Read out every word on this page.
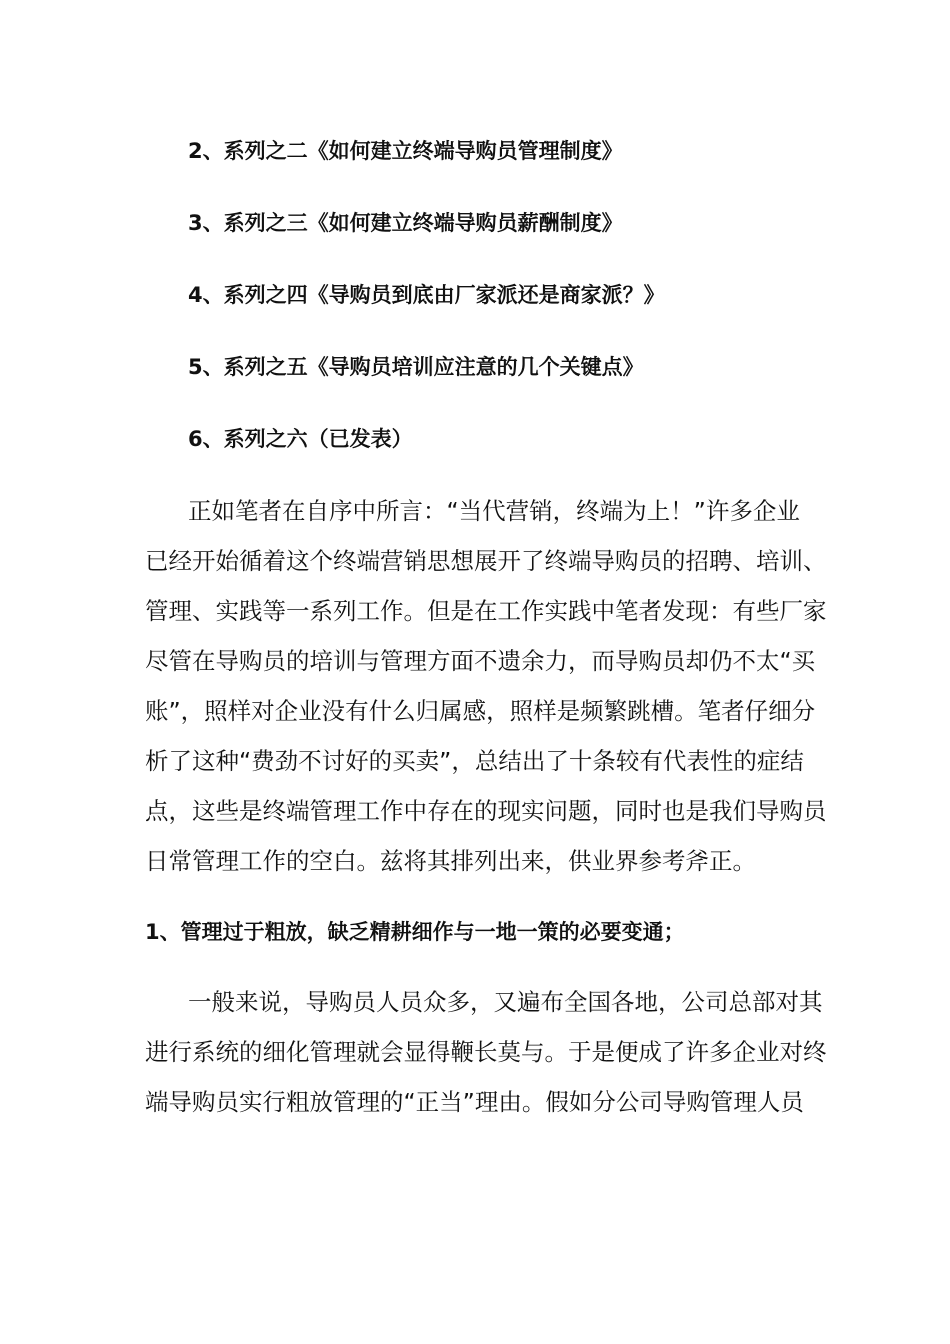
2、系列之二《如何建立终端导购员管理制度》
3、系列之三《如何建立终端导购员薪酬制度》
4、系列之四《导购员到底由厂家派还是商家派？》
5、系列之五《导购员培训应注意的几个关键点》
6、系列之六（已发表）
正如笔者在自序中所言：“当代营销，终端为上！”许多企业
已经开始循着这个终端营销思想展开了终端导购员的招聘、培训、
管理、实践等一系列工作。但是在工作实践中笔者发现：有些厂家
尽管在导购员的培训与管理方面不遗余力，而导购员却仍不太“买
账”，照样对企业没有什么归属感，照样是频繁跳槽。笔者仔细分
析了这种“费劲不讨好的买卖”，总结出了十条较有代表性的症结
点，这些是终端管理工作中存在的现实问题，同时也是我们导购员
日常管理工作的空白。兹将其排列出来，供业界参考斧正。
1、管理过于粗放，缺乏精耕细作与一地一策的必要变通；
一般来说，导购员人员众多，又遍布全国各地，公司总部对其
进行系统的细化管理就会显得鞭长莫与。于是便成了许多企业对终
端导购员实行粗放管理的“正当”理由。假如分公司导购管理人员
